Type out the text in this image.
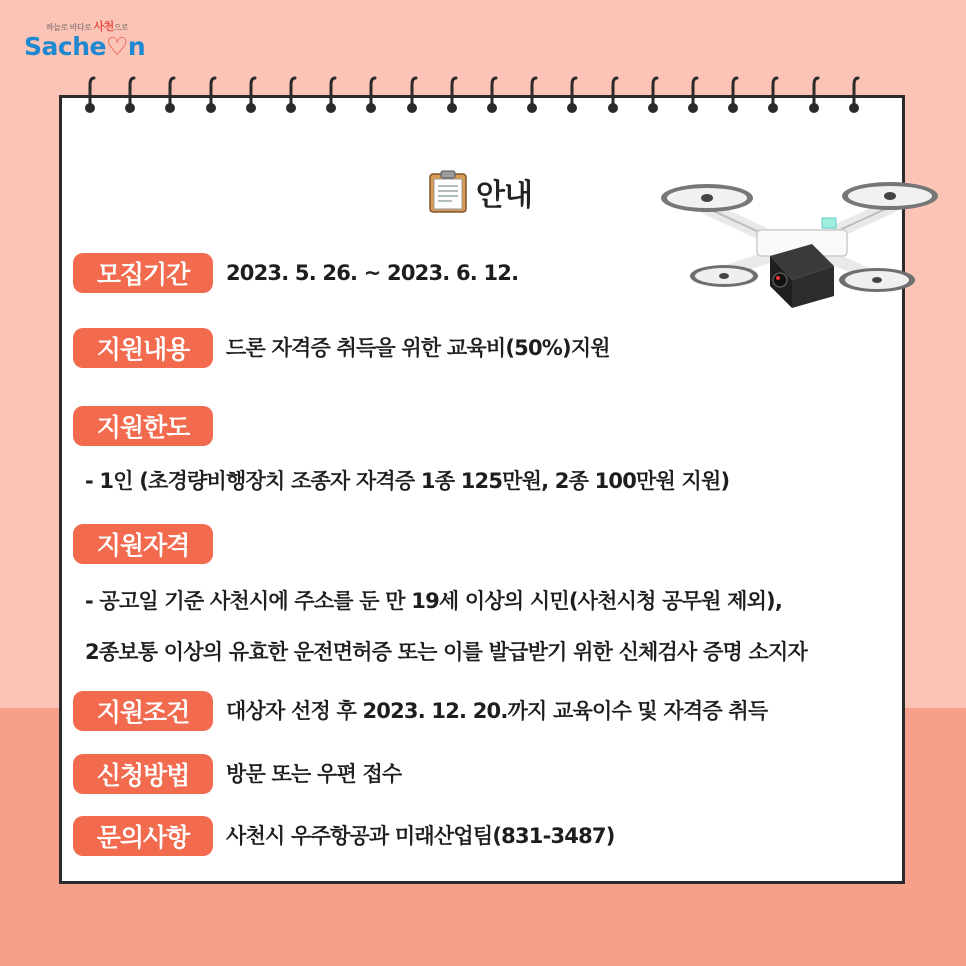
하늘로 바다로 사천으로
Sache♡n
안내
모집기간	2023. 5. 26. ~ 2023. 6. 12.
지원내용	드론 자격증 취득을 위한 교육비(50%)지원
지원한도
- 1인 (초경량비행장치 조종자 자격증 1종 125만원, 2종 100만원 지원)
지원자격
- 공고일 기준 사천시에 주소를 둔 만 19세 이상의 시민(사천시청 공무원 제외),
2종보통 이상의 유효한 운전면허증 또는 이를 발급받기 위한 신체검사 증명 소지자
지원조건	대상자 선정 후 2023. 12. 20.까지 교육이수 및 자격증 취득
신청방법	방문 또는 우편 접수
문의사항	사천시 우주항공과 미래산업팀(831-3487)
